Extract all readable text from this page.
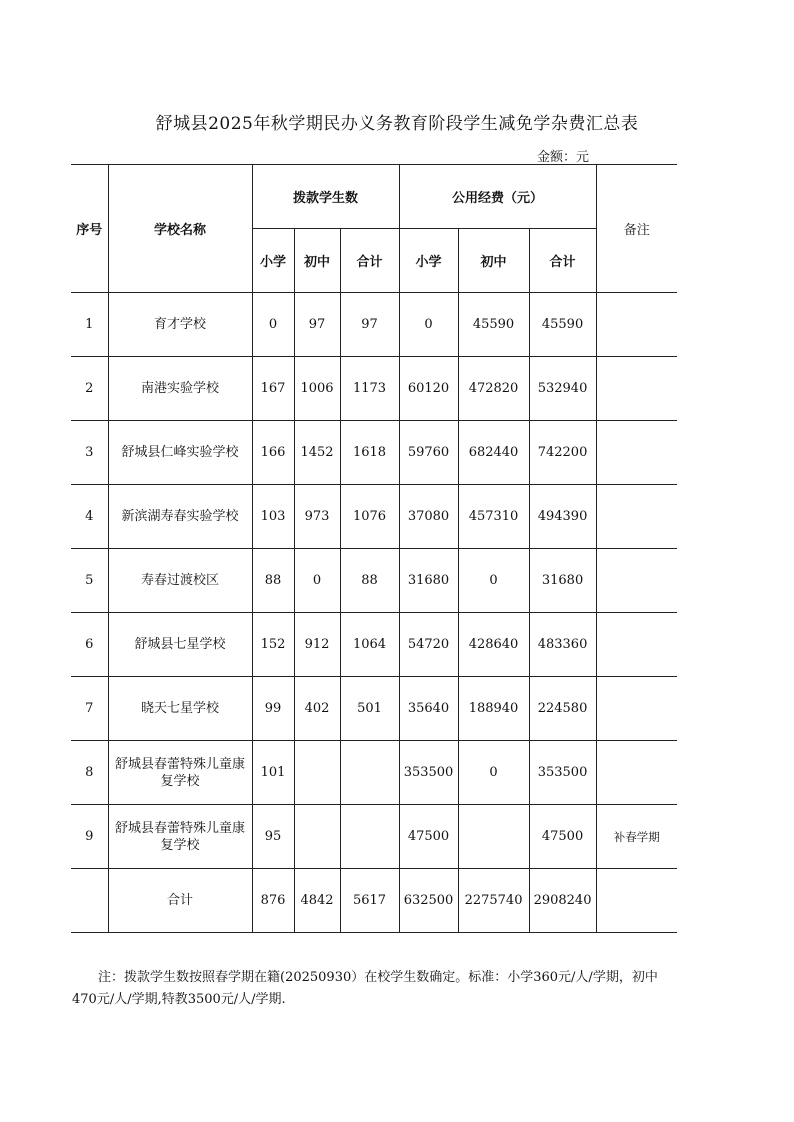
舒城县2025年秋学期民办义务教育阶段学生减免学杂费汇总表
金额：元
序号	学校名称	拨款学生数			公用经费（元）			备注
		小学	初中	合计	小学	初中	合计	
1	育才学校	0	97	97	0	45590	45590	
2	南港实验学校	167	1006	1173	60120	472820	532940	
3	舒城县仁峰实验学校	166	1452	1618	59760	682440	742200	
4	新滨湖寿春实验学校	103	973	1076	37080	457310	494390	
5	寿春过渡校区	88	0	88	31680	0	31680	
6	舒城县七星学校	152	912	1064	54720	428640	483360	
7	晓天七星学校	99	402	501	35640	188940	224580	
8	舒城县春蕾特殊儿童康复学校	101			353500	0	353500	
9	舒城县春蕾特殊儿童康复学校	95			47500		47500	补春学期
	合计	876	4842	5617	632500	2275740	2908240	
注：拨款学生数按照春学期在籍(20250930）在校学生数确定。标准：小学360元/人/学期，初中470元/人/学期,特教3500元/人/学期.
